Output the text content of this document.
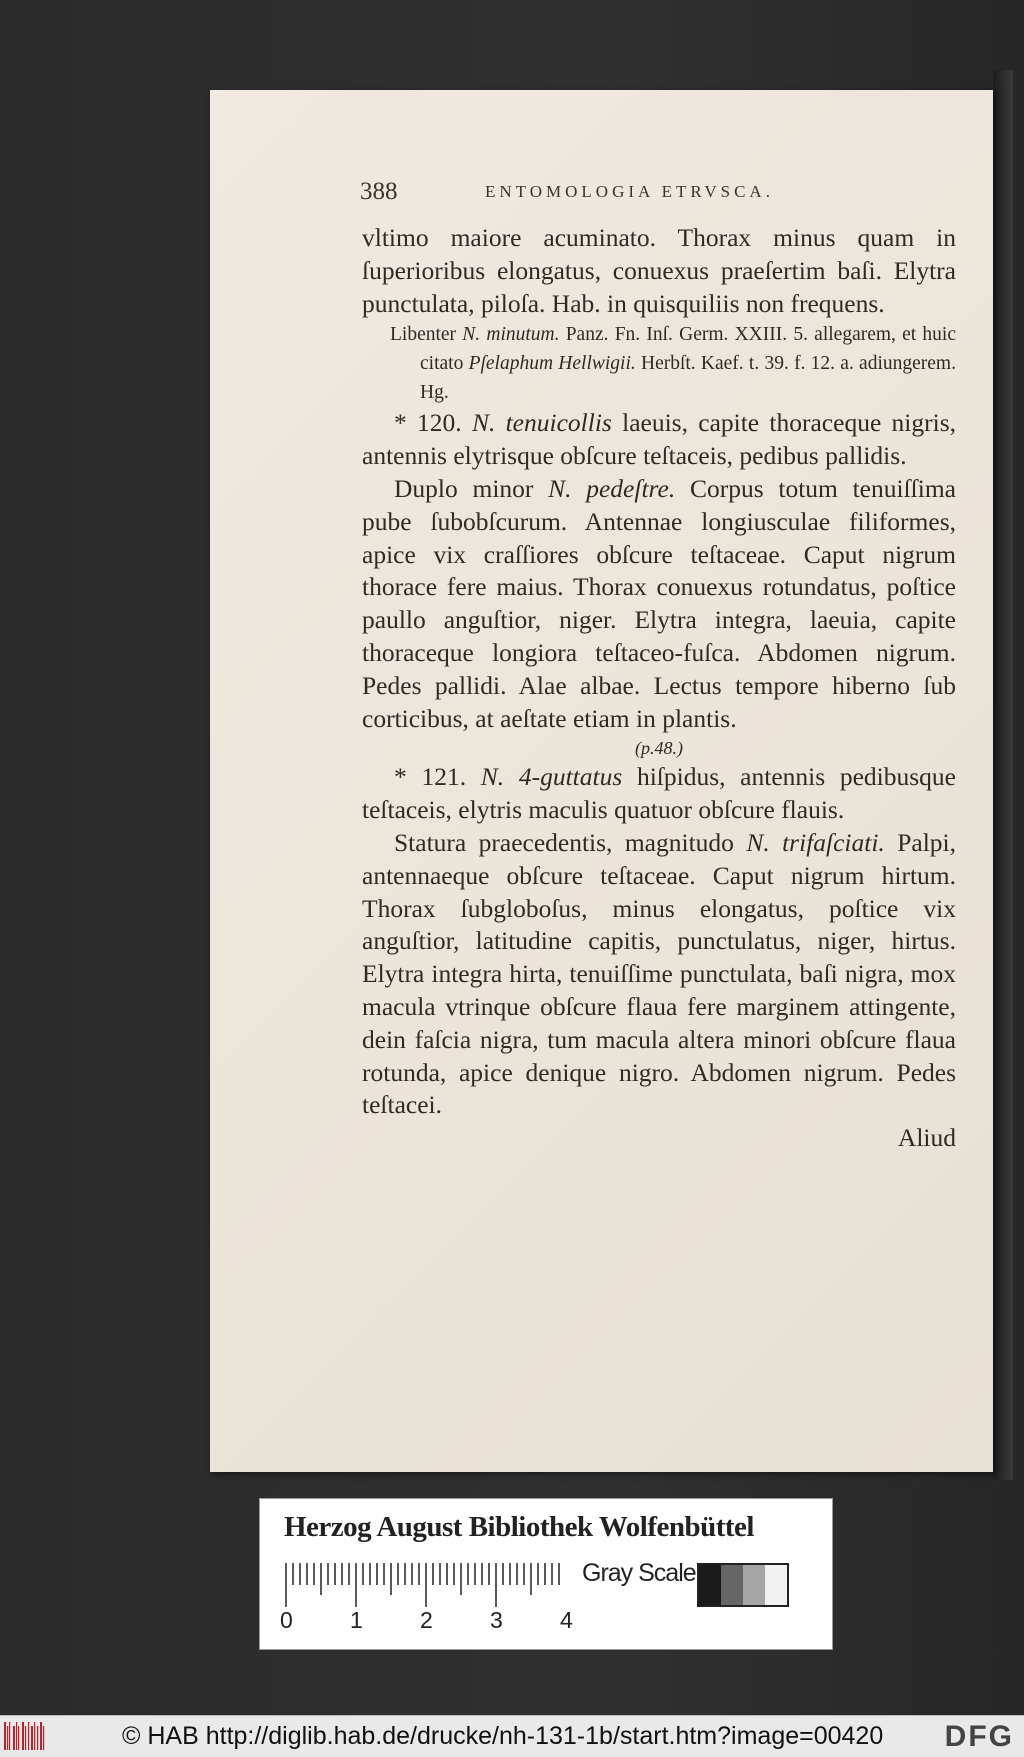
388	ENTOMOLOGIA ETRVSCA.

vltimo maiore acuminato. Thorax minus quam in ſuperioribus elongatus, conuexus praeſertim baſi. Elytra punctulata, piloſa. Hab. in quisquiliis non frequens.

Libenter N. minutum. Panz. Fn. Inſ. Germ. XXIII. 5. allegarem, et huic citato Pſelaphum Hellwigii. Herbſt. Kaef. t. 39. f. 12. a. adiungerem. Hg.

* 120. N. tenuicollis laeuis, capite thoraceque nigris, antennis elytrisque obſcure teſtaceis, pedibus pallidis.

Duplo minor N. pedeſtre. Corpus totum tenuiſſima pube ſubobſcurum. Antennae longiusculae filiformes, apice vix craſſiores obſcure teſtaceae. Caput nigrum thorace fere maius. Thorax conuexus rotundatus, poſtice paullo anguſtior, niger. Elytra integra, laeuia, capite thoraceque longiora teſtaceo-fuſca. Abdomen nigrum. Pedes pallidi. Alae albae. Lectus tempore hiberno ſub corticibus, at aeſtate etiam in plantis.

(p.48.)

* 121. N. 4-guttatus hiſpidus, antennis pedibusque teſtaceis, elytris maculis quatuor obſcure flauis.

Statura praecedentis, magnitudo N. trifaſciati. Palpi, antennaeque obſcure teſtaceae. Caput nigrum hirtum. Thorax ſubgloboſus, minus elongatus, poſtice vix anguſtior, latitudine capitis, punctulatus, niger, hirtus. Elytra integra hirta, tenuiſſime punctulata, baſi nigra, mox macula vtrinque obſcure flaua fere marginem attingente, dein faſcia nigra, tum macula altera minori obſcure flaua rotunda, apice denique nigro. Abdomen nigrum. Pedes teſtacei.

Aliud

Herzog August Bibliothek Wolfenbüttel
0 1 2 3 4
Gray Scale
© HAB http://diglib.hab.de/drucke/nh-131-1b/start.htm?image=00420 DFG
